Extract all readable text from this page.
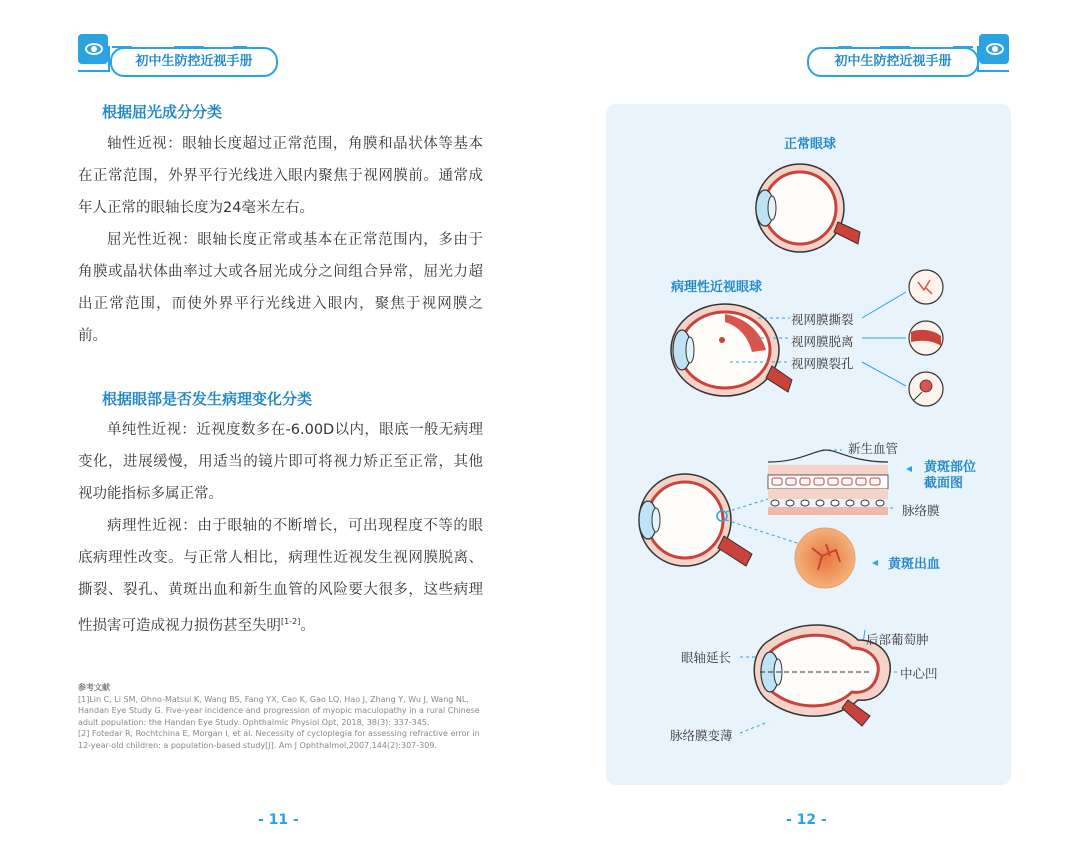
初中生防控近视手册	初中生防控近视手册
根据屈光成分分类

轴性近视：眼轴长度超过正常范围，角膜和晶状体等基本在正常范围，外界平行光线进入眼内聚焦于视网膜前。通常成年人正常的眼轴长度为24毫米左右。

屈光性近视：眼轴长度正常或基本在正常范围内，多由于角膜或晶状体曲率过大或各屈光成分之间组合异常，屈光力超出正常范围，而使外界平行光线进入眼内，聚焦于视网膜之前。

根据眼部是否发生病理变化分类

单纯性近视：近视度数多在-6.00D以内，眼底一般无病理变化，进展缓慢，用适当的镜片即可将视力矫正至正常，其他视功能指标多属正常。

病理性近视：由于眼轴的不断增长，可出现程度不等的眼底病理性改变。与正常人相比，病理性近视发生视网膜脱离、撕裂、裂孔、黄斑出血和新生血管的风险要大很多，这些病理性损害可造成视力损伤甚至失明[1-2]。

参考文献

[1]Lin C, Li SM, Ohno-Matsui K, Wang BS, Fang YX, Cao K, Gao LQ, Hao J, Zhang Y, Wu J, Wang NL, Handan Eye Study G. Five-year incidence and progression of myopic maculopathy in a rural Chinese adult population: the Handan Eye Study. Ophthalmic Physiol Opt, 2018, 38(3): 337-345.

[2] Fotedar R, Rochtchina E, Morgan I, et al. Necessity of cycloplegia for assessing refractive error in 12-year-old children: a population-based study[J]. Am J Ophthalmol,2007,144(2):307-309.

- 11 -
正常眼球
病理性近视眼球
视网膜撕裂
视网膜脱离
视网膜裂孔
新生血管
黄斑部位
截面图
脉络膜
黄斑出血
后部葡萄肿
眼轴延长
中心凹
脉络膜变薄
- 12 -
